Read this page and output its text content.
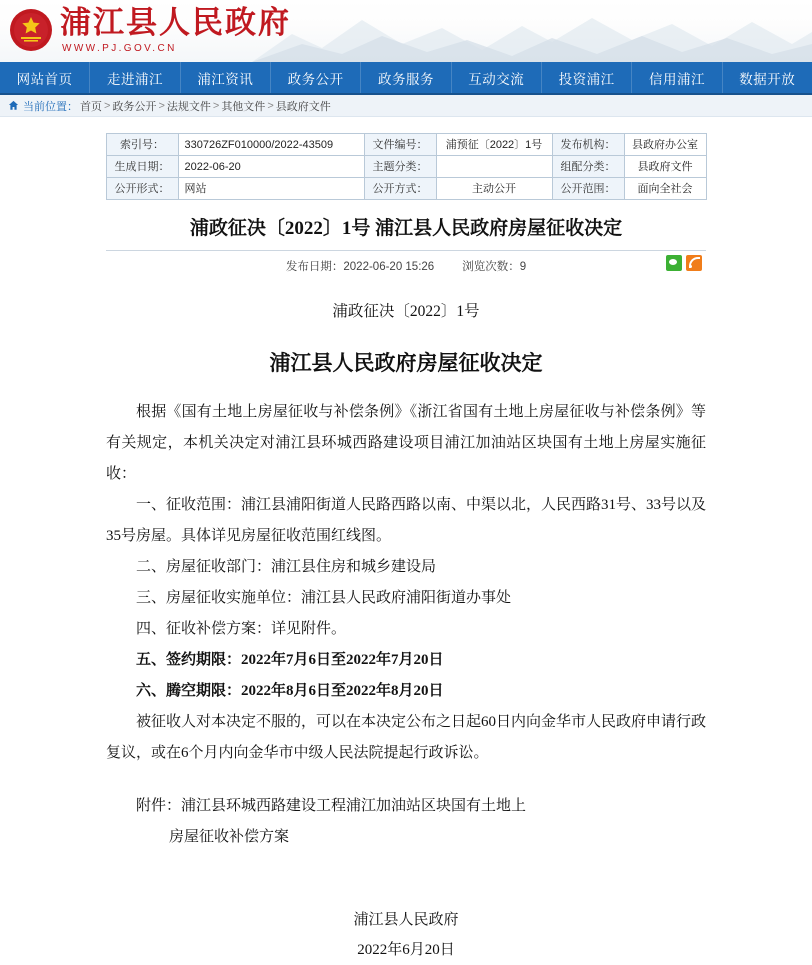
浦江县人民政府
WWW.PJ.GOV.CN
网站首页	走进浦江	浦江资讯	政务公开	政务服务	互动交流	投资浦江	信用浦江	数据开放
当前位置： 首页 > 政务公开 > 法规文件 > 其他文件 > 县政府文件
索引号：	330726ZF010000/2022-43509	文件编号：	浦预征〔2022〕1号	发布机构：	县政府办公室
生成日期：	2022-06-20	主题分类：		组配分类：	县政府文件
公开形式：	网站	公开方式：	主动公开	公开范围：	面向全社会
浦政征决〔2022〕1号 浦江县人民政府房屋征收决定
发布日期：2022-06-20 15:26 浏览次数：9
浦政征决〔2022〕1号
浦江县人民政府房屋征收决定

根据《国有土地上房屋征收与补偿条例》《浙江省国有土地上房屋征收与补偿条例》等有关规定，本机关决定对浦江县环城西路建设项目浦江加油站区块国有土地上房屋实施征收：

一、征收范围：浦江县浦阳街道人民路西路以南、中渠以北，人民西路31号、33号以及35号房屋。具体详见房屋征收范围红线图。

二、房屋征收部门：浦江县住房和城乡建设局

三、房屋征收实施单位：浦江县人民政府浦阳街道办事处

四、征收补偿方案：详见附件。

五、签约期限：2022年7月6日至2022年7月20日

六、腾空期限：2022年8月6日至2022年8月20日

被征收人对本决定不服的，可以在本决定公布之日起60日内向金华市人民政府申请行政复议，或在6个月内向金华市中级人民法院提起行政诉讼。

附件：浦江县环城西路建设工程浦江加油站区块国有土地上
房屋征收补偿方案
浦江县人民政府
2022年6月20日
